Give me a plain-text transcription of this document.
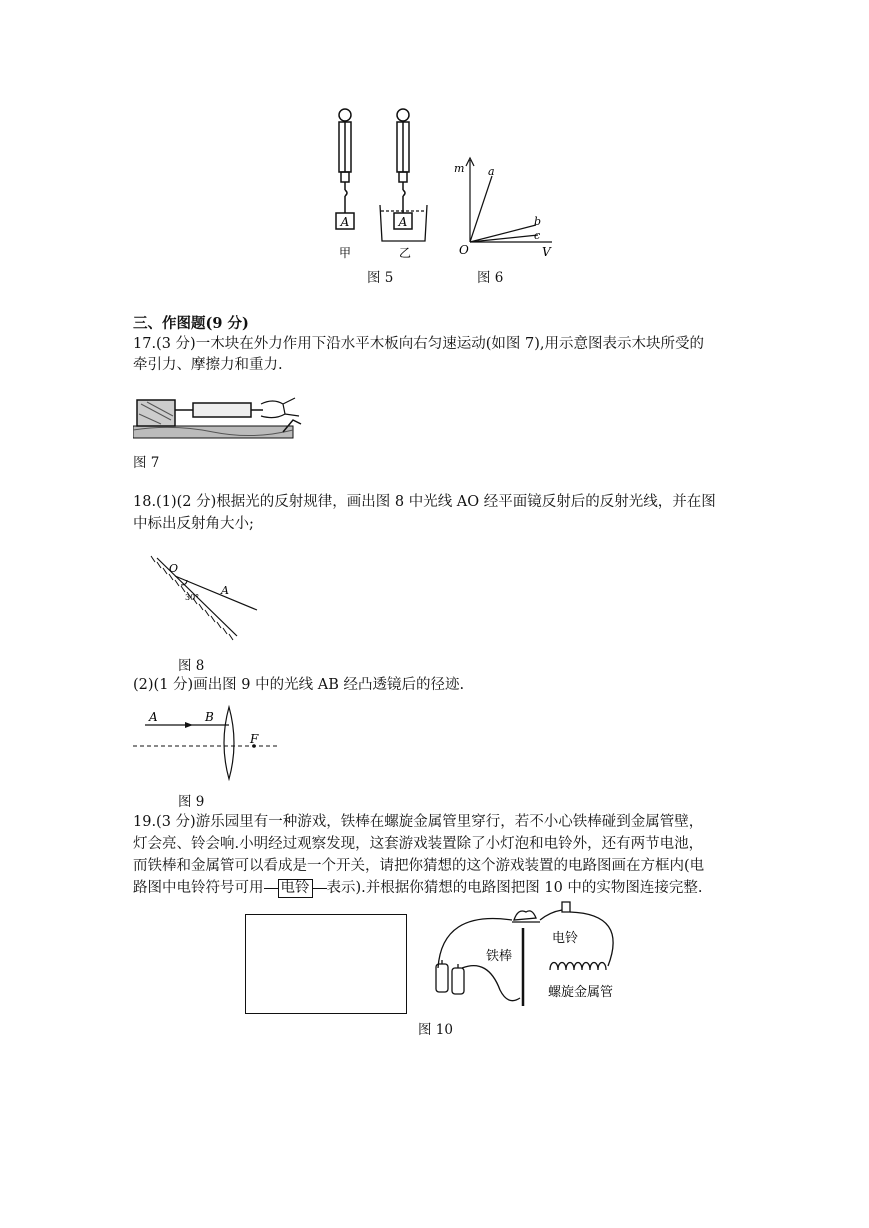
A	A
甲	乙
m a
b
c
O	V
图 5	图 6
三、作图题(9 分)
17.(3 分)一木块在外力作用下沿水平木板向右匀速运动(如图 7),用示意图表示木块所受的
牵引力、摩擦力和重力.
图 7
18.(1)(2 分)根据光的反射规律，画出图 8 中光线 AO 经平面镜反射后的反射光线，并在图
中标出反射角大小;
O
A
30°
图 8
(2)(1 分)画出图 9 中的光线 AB 经凸透镜后的径迹.
A	B
F
图 9
19.(3 分)游乐园里有一种游戏，铁棒在螺旋金属管里穿行，若不小心铁棒碰到金属管壁，
灯会亮、铃会响.小明经过观察发现，这套游戏装置除了小灯泡和电铃外，还有两节电池，
而铁棒和金属管可以看成是一个开关，请把你猜想的这个游戏装置的电路图画在方框内(电
路图中电铃符号可用 电铃 表示).并根据你猜想的电路图把图 10 中的实物图连接完整.
铁棒
电铃
螺旋金属管
图 10
